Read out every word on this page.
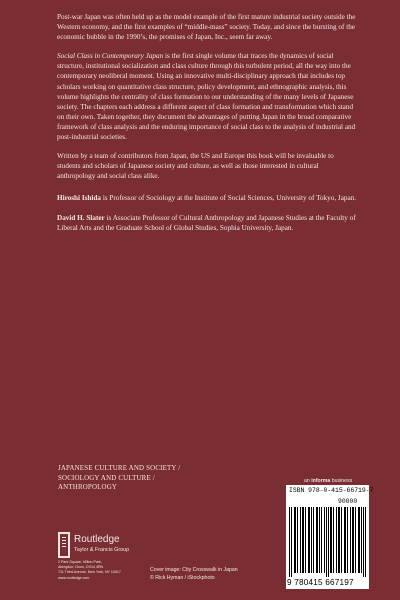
Post-war Japan was often held up as the model example of the first mature industrial society outside the Western economy, and the first examples of “middle-mass” society. Today, and since the bursting of the economic bubble in the 1990’s, the promises of Japan, Inc., seem far away.

Social Class in Contemporary Japan is the first single volume that traces the dynamics of social structure, institutional socialization and class culture through this turbulent period, all the way into the contemporary neoliberal moment. Using an innovative multi-disciplinary approach that includes top scholars working on quantitative class structure, policy development, and ethnographic analysis, this volume highlights the centrality of class formation to our understanding of the many levels of Japanese society. The chapters each address a different aspect of class formation and transformation which stand on their own. Taken together, they document the advantages of putting Japan in the broad comparative framework of class analysis and the enduring importance of social class to the analysis of industrial and post-industrial societies.

Written by a team of contributors from Japan, the US and Europe this book will be invaluable to students and scholars of Japanese society and culture, as well as those interested in cultural anthropology and social class alike.

Hiroshi Ishida is Professor of Sociology at the Institute of Social Sciences, University of Tokyo, Japan.

David H. Slater is Associate Professor of Cultural Anthropology and Japanese Studies at the Faculty of Liberal Arts and the Graduate School of Global Studies, Sophia University, Japan.

JAPANESE CULTURE AND SOCIETY /
SOCIOLOGY AND CULTURE /
ANTHROPOLOGY
Routledge
Taylor & Francis Group
2 Park Square, Milton Park,
Abingdon, Oxon, OX14 4RN
711 Third Avenue, New York, NY 10017
www.routledge.com
Cover image: City Crosswalk in Japan
© Rick Hyman / iStockphoto
an informa business
ISBN 978-0-415-66719-7
90000
9 780415 667197
